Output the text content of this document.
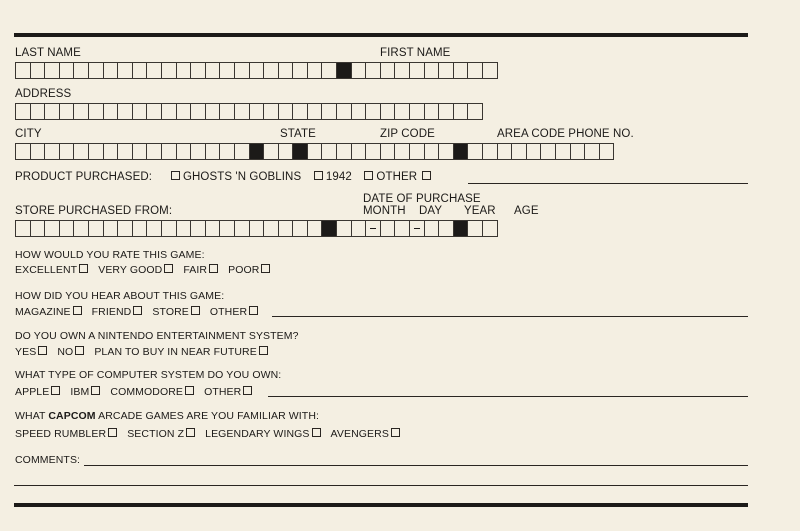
LAST NAME	FIRST NAME
ADDRESS
CITY	STATE	ZIP CODE	AREA CODE PHONE NO.
PRODUCT PURCHASED:	GHOSTS 'N GOBLINS 1942 OTHER
DATE OF PURCHASE
STORE PURCHASED FROM:	MONTH DAY YEAR AGE
HOW WOULD YOU RATE THIS GAME:
EXCELLENT VERY GOOD FAIR POOR
HOW DID YOU HEAR ABOUT THIS GAME:
MAGAZINE FRIEND STORE OTHER
DO YOU OWN A NINTENDO ENTERTAINMENT SYSTEM?
YES NO PLAN TO BUY IN NEAR FUTURE
WHAT TYPE OF COMPUTER SYSTEM DO YOU OWN:
APPLE IBM COMMODORE OTHER
WHAT CAPCOM ARCADE GAMES ARE YOU FAMILIAR WITH:
SPEED RUMBLER SECTION Z LEGENDARY WINGS AVENGERS
COMMENTS:
